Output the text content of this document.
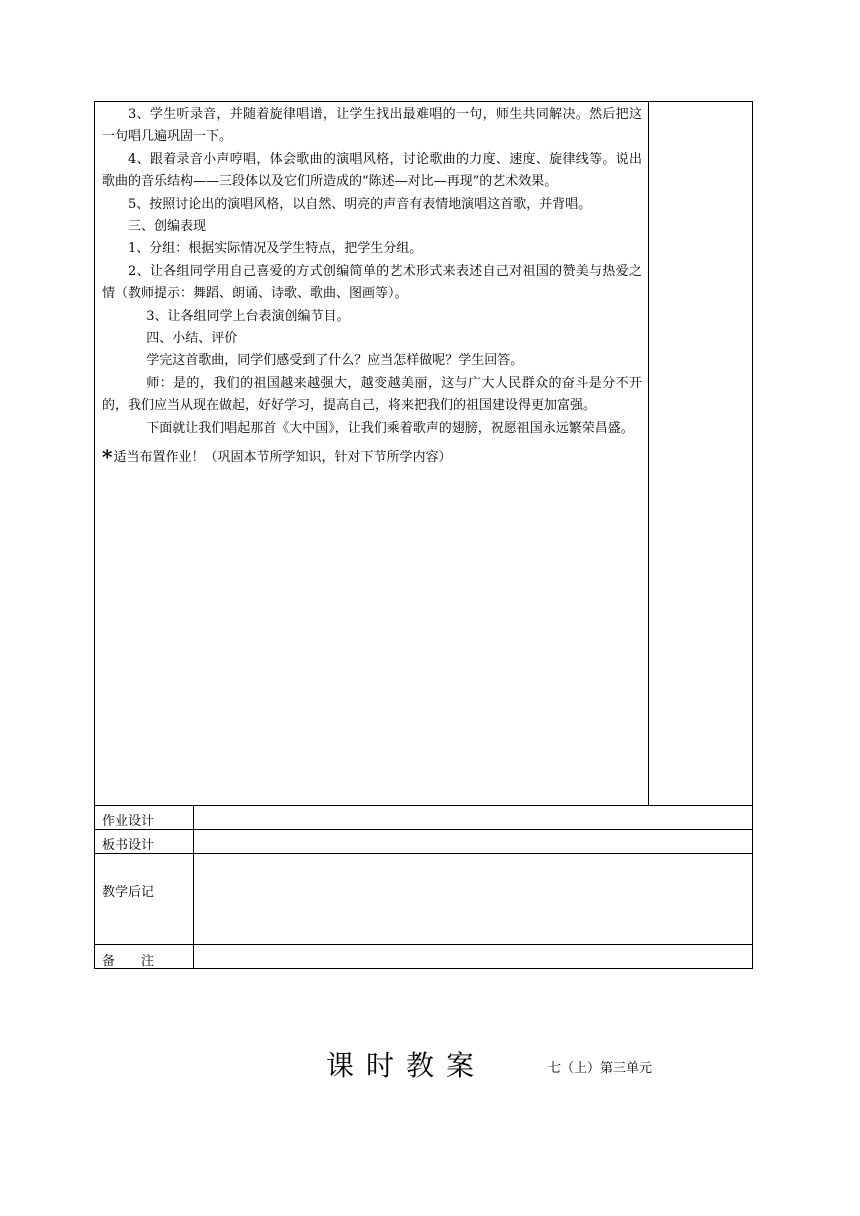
3、学生听录音，并随着旋律唱谱，让学生找出最难唱的一句，师生共同解决。然后把这一句唱几遍巩固一下。

4、跟着录音小声哼唱，体会歌曲的演唱风格，讨论歌曲的力度、速度、旋律线等。说出歌曲的音乐结构——三段体以及它们所造成的“陈述—对比—再现”的艺术效果。

5、按照讨论出的演唱风格，以自然、明亮的声音有表情地演唱这首歌，并背唱。

三、创编表现

1、分组：根据实际情况及学生特点，把学生分组。

2、让各组同学用自己喜爱的方式创编简单的艺术形式来表述自己对祖国的赞美与热爱之情（教师提示：舞蹈、朗诵、诗歌、歌曲、图画等）。

3、让各组同学上台表演创编节目。

四、小结、评价

学完这首歌曲，同学们感受到了什么？应当怎样做呢？学生回答。

师：是的，我们的祖国越来越强大，越变越美丽，这与广大人民群众的奋斗是分不开的，我们应当从现在做起，好好学习，提高自己，将来把我们的祖国建设得更加富强。

下面就让我们唱起那首《大中国》，让我们乘着歌声的翅膀，祝愿祖国永远繁荣昌盛。

*适当布置作业！（巩固本节所学知识，针对下节所学内容）

作业设计
板书设计
教学后记
备　　注
课时教案	七（上）第三单元
